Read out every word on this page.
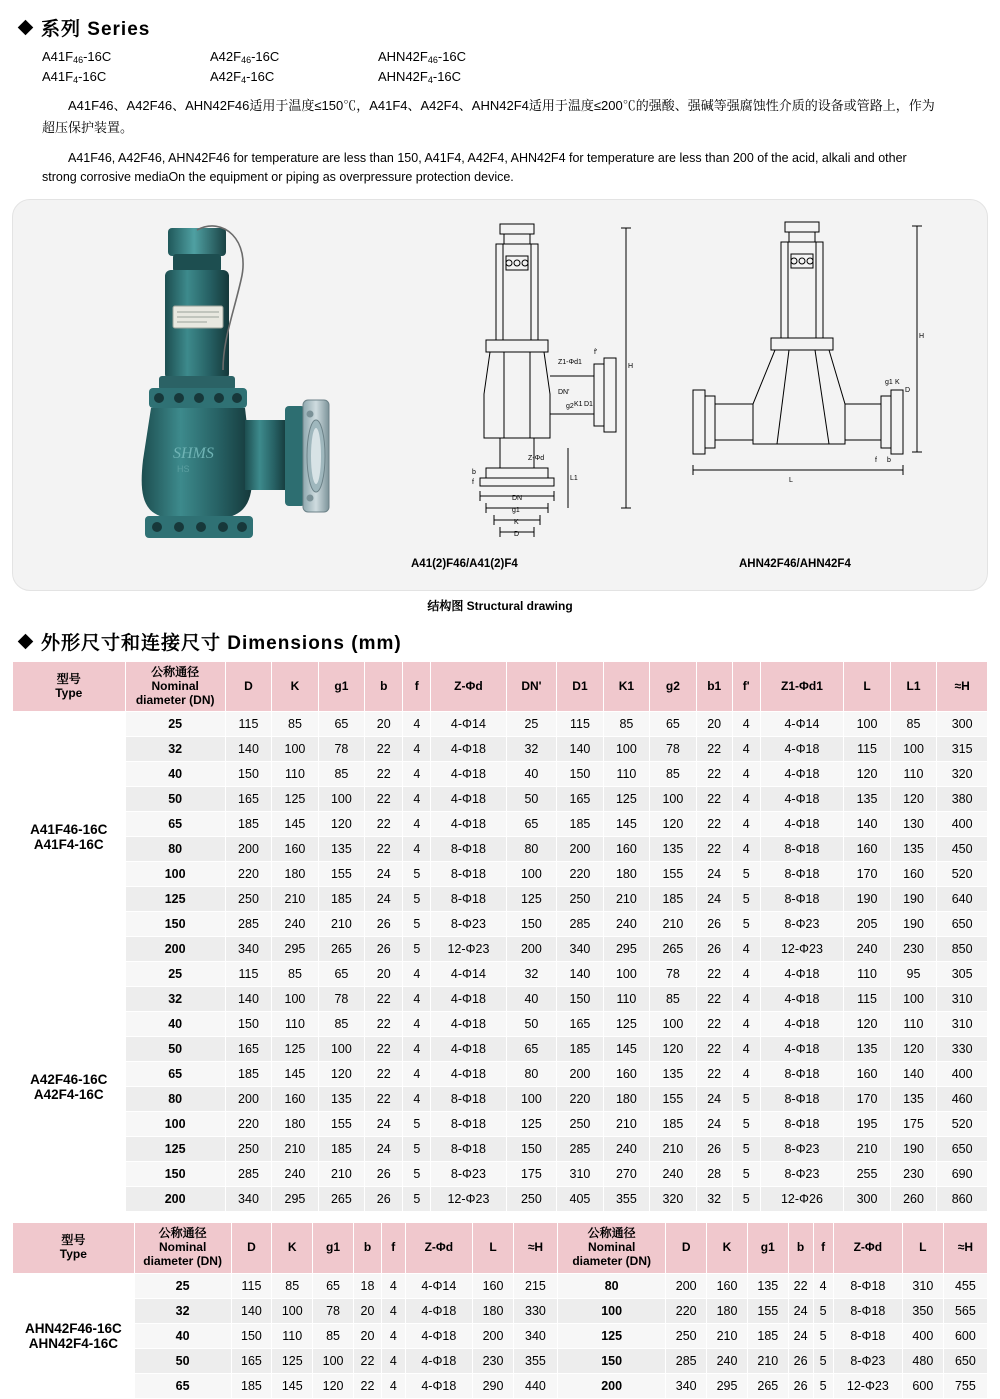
系列 Series
$A41F_{46}-16C$	$A42F_{46}-16C$	$AHN42F_{46}-16C$
$A41F_4-16C$	$A42F_4-16C$	$AHN42F_4-16C$
A41F46、A42F46、AHN42F46适用于温度≤150℃，A41F4、A42F4、AHN42F4适用于温度≤200℃的强酸、强碱等强腐蚀性介质的设备或管路上，作为超压保护装置。
A41F46, A42F46, AHN42F46 for temperature are less than 150, A41F4, A42F4, AHN42F4 for temperature are less than 200 of the acid, alkali and other strong corrosive mediaOn the equipment or piping as overpressure protection device.
SHMS
HS
H
L1
Z1-Φd1
f'
DN'
g2 K1 D1
Z-Φd
b
f
DN
g1
K
D
H
L
g1 K
D
b
f
A41(2)F46/A41(2)F4	AHN42F46/AHN42F4
结构图 Structural drawing
外形尺寸和连接尺寸 Dimensions (mm)
型号
Type

公称通径
Nominal
diameter (DN)
	D	K	g1	b	f	Z-Φd	DN'	D1	K1	g2	b1	f'	Z1-Φd1	L	L1	≈H

A41F46-16C
A41F4-16C	25	115	85	65	20	4	4-Φ14	25	115	85	65	20	4	4-Φ14	100	85	300
	32	140	100	78	22	4	4-Φ18	32	140	100	78	22	4	4-Φ18	115	100	315
	40	150	110	85	22	4	4-Φ18	40	150	110	85	22	4	4-Φ18	120	110	320
	50	165	125	100	22	4	4-Φ18	50	165	125	100	22	4	4-Φ18	135	120	380
	65	185	145	120	22	4	4-Φ18	65	185	145	120	22	4	4-Φ18	140	130	400
	80	200	160	135	22	4	8-Φ18	80	200	160	135	22	4	8-Φ18	160	135	450
	100	220	180	155	24	5	8-Φ18	100	220	180	155	24	5	8-Φ18	170	160	520
	125	250	210	185	24	5	8-Φ18	125	250	210	185	24	5	8-Φ18	190	190	640
	150	285	240	210	26	5	8-Φ23	150	285	240	210	26	5	8-Φ23	205	190	650
	200	340	295	265	26	5	12-Φ23	200	340	295	265	26	4	12-Φ23	240	230	850

A42F46-16C
A42F4-16C	25	115	85	65	20	4	4-Φ14	32	140	100	78	22	4	4-Φ18	110	95	305
	32	140	100	78	22	4	4-Φ18	40	150	110	85	22	4	4-Φ18	115	100	310
	40	150	110	85	22	4	4-Φ18	50	165	125	100	22	4	4-Φ18	120	110	310
	50	165	125	100	22	4	4-Φ18	65	185	145	120	22	4	4-Φ18	135	120	330
	65	185	145	120	22	4	4-Φ18	80	200	160	135	22	4	8-Φ18	160	140	400
	80	200	160	135	22	4	8-Φ18	100	220	180	155	24	5	8-Φ18	170	135	460
	100	220	180	155	24	5	8-Φ18	125	250	210	185	24	5	8-Φ18	195	175	520
	125	250	210	185	24	5	8-Φ18	150	285	240	210	26	5	8-Φ23	210	190	650
	150	285	240	210	26	5	8-Φ23	175	310	270	240	28	5	8-Φ23	255	230	690
	200	340	295	265	26	5	12-Φ23	250	405	355	320	32	5	12-Φ26	300	260	860
型号
Type

公称通径
Nominal
diameter (DN)
	D	K	g1	b	f	Z-Φd	L	≈H	
公称通径
Nominal
diameter (DN)
	D	K	g1	b	f	Z-Φd	L	≈H

AHN42F46-16C
AHN42F4-16C	25	115	85	65	18	4	4-Φ14	160	215	80	200	160	135	22	4	8-Φ18	310	455
	32	140	100	78	20	4	4-Φ18	180	330	100	220	180	155	24	5	8-Φ18	350	565
	40	150	110	85	20	4	4-Φ18	200	340	125	250	210	185	24	5	8-Φ18	400	600
	50	165	125	100	22	4	4-Φ18	230	355	150	285	240	210	26	5	8-Φ23	480	650
	65	185	145	120	22	4	4-Φ18	290	440	200	340	295	265	26	5	12-Φ23	600	755
